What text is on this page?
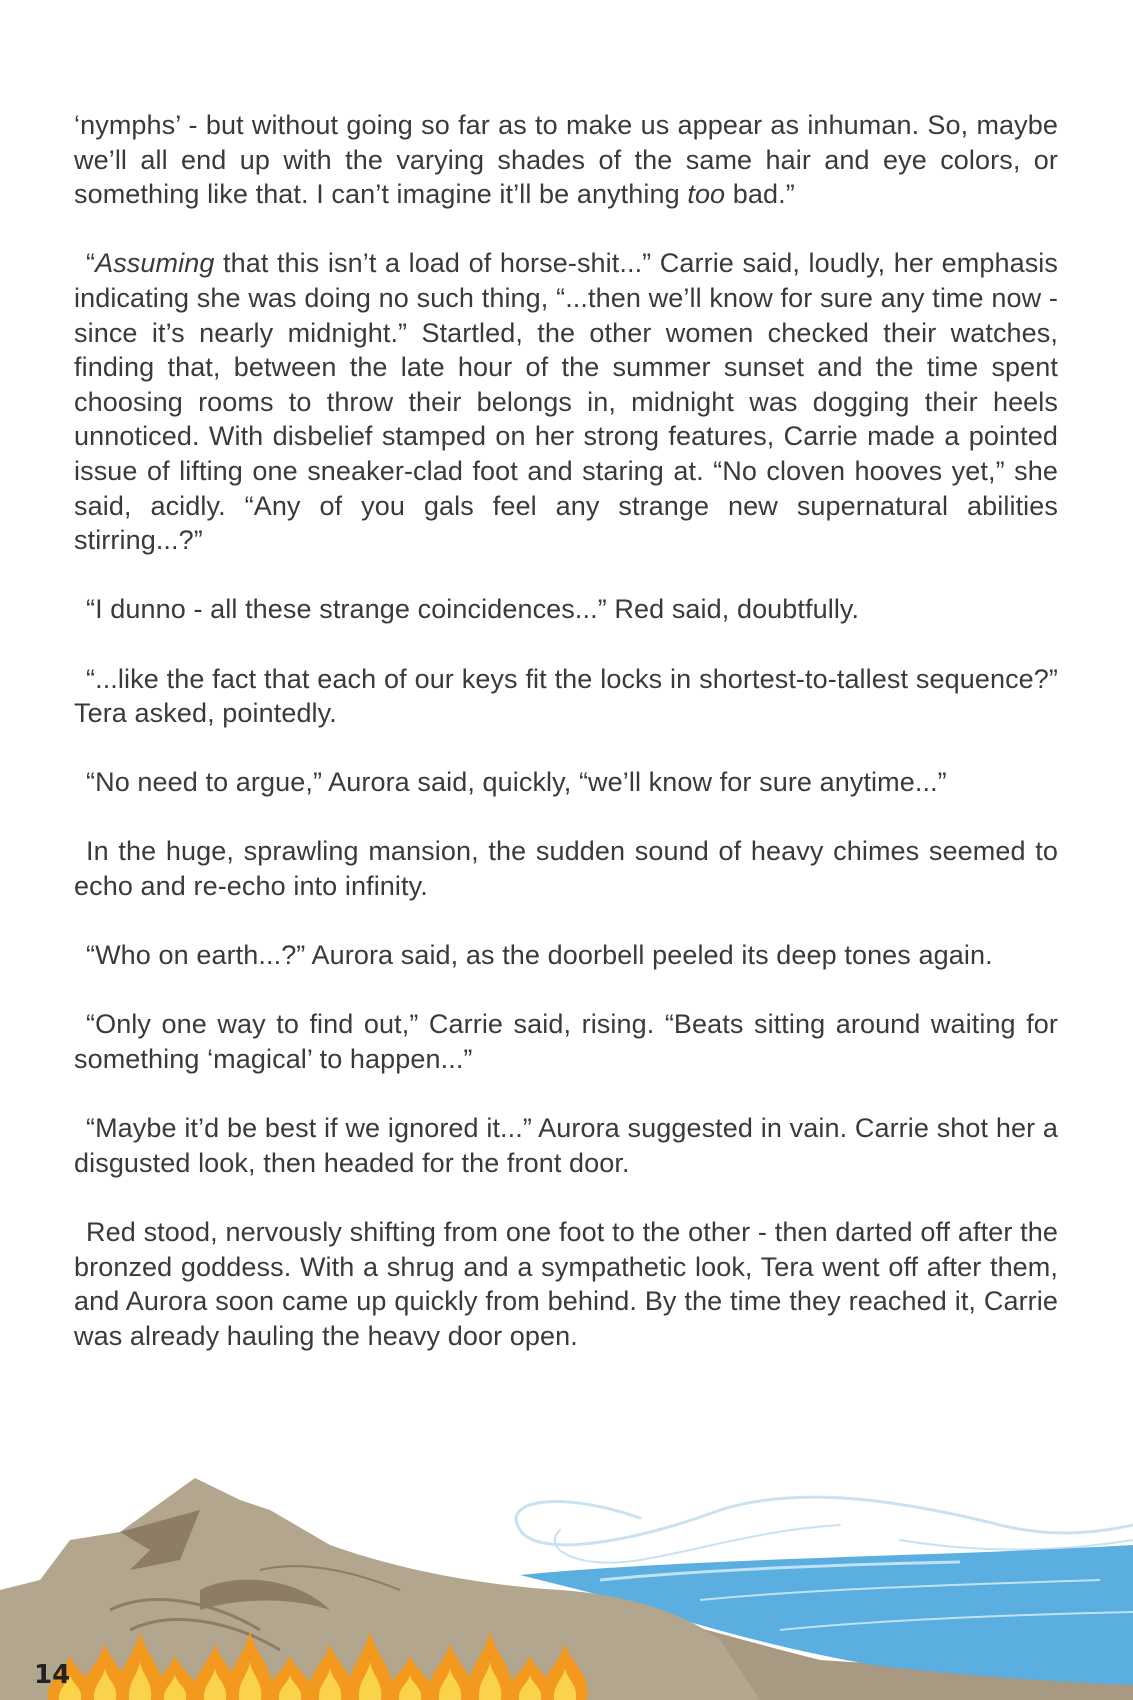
‘nymphs’ - but without going so far as to make us appear as inhuman. So, maybe we’ll all end up with the varying shades of the same hair and eye colors, or something like that. I can’t imagine it’ll be anything too bad.”

“Assuming that this isn’t a load of horse-shit...” Carrie said, loudly, her emphasis indicating she was doing no such thing, “...then we’ll know for sure any time now - since it’s nearly midnight.” Startled, the other women checked their watches, finding that, between the late hour of the summer sunset and the time spent choosing rooms to throw their belongs in, midnight was dogging their heels unnoticed. With disbelief stamped on her strong features, Carrie made a pointed issue of lifting one sneaker-clad foot and staring at. “No cloven hooves yet,” she said, acidly. “Any of you gals feel any strange new supernatural abilities stirring...?”

“I dunno - all these strange coincidences...” Red said, doubtfully.

“...like the fact that each of our keys fit the locks in shortest-to-tallest sequence?” Tera asked, pointedly.

“No need to argue,” Aurora said, quickly, “we’ll know for sure anytime...”

In the huge, sprawling mansion, the sudden sound of heavy chimes seemed to echo and re-echo into infinity.

“Who on earth...?” Aurora said, as the doorbell peeled its deep tones again.

“Only one way to find out,” Carrie said, rising. “Beats sitting around waiting for something ‘magical’ to happen...”

“Maybe it’d be best if we ignored it...” Aurora suggested in vain. Carrie shot her a disgusted look, then headed for the front door.

Red stood, nervously shifting from one foot to the other - then darted off after the bronzed goddess. With a shrug and a sympathetic look, Tera went off after them, and Aurora soon came up quickly from behind. By the time they reached it, Carrie was already hauling the heavy door open.

14
